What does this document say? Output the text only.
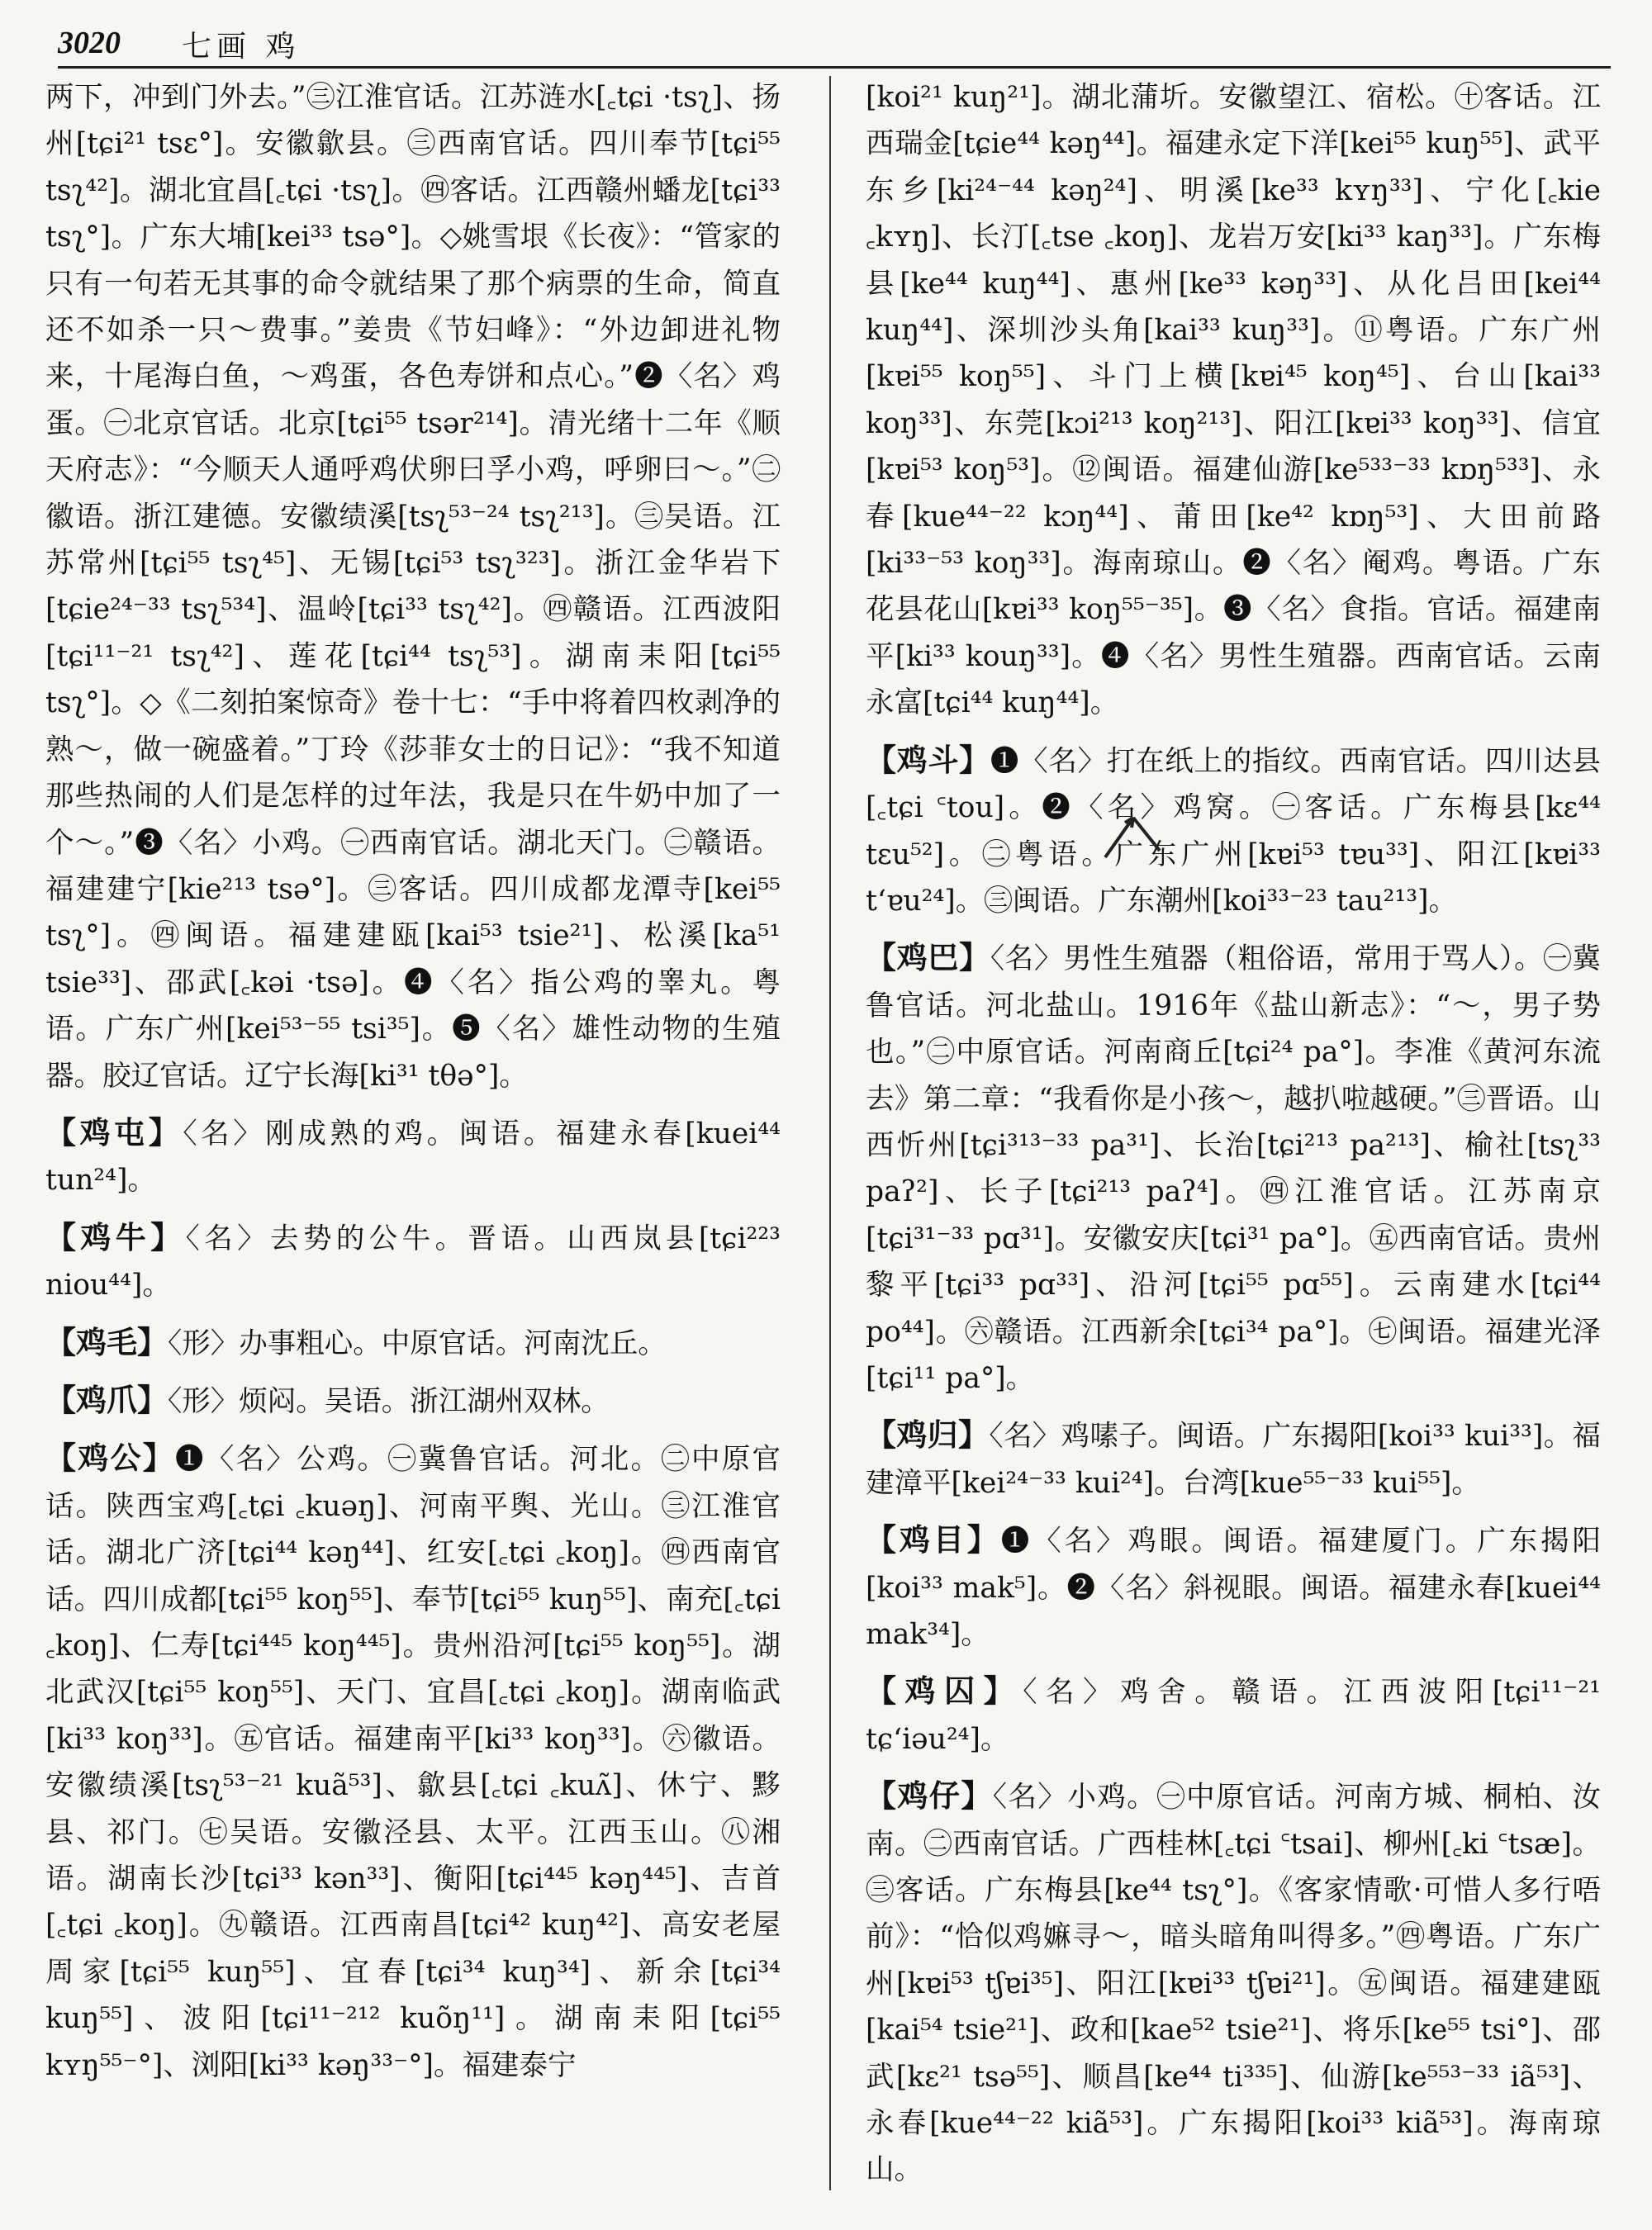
3020 七画 鸡

两下，冲到门外去。”㊂江淮官话。江苏涟水[꜀tɕi ·tsʅ]、扬州[tɕi²¹ tsɛ°]。安徽歙县。㊂西南官话。四川奉节[tɕi⁵⁵ tsʅ⁴²]。湖北宜昌[꜀tɕi ·tsʅ]。㊃客话。江西赣州蟠龙[tɕi³³ tsʅ°]。广东大埔[kei³³ tsə°]。◇姚雪垠《长夜》：“管家的只有一句若无其事的命令就结果了那个病票的生命，简直还不如杀一只～费事。”姜贵《节妇峰》：“外边卸进礼物来，十尾海白鱼，～鸡蛋，各色寿饼和点心。”❷〈名〉鸡蛋。㊀北京官话。北京[tɕi⁵⁵ tsər²¹⁴]。清光绪十二年《顺天府志》：“今顺天人通呼鸡伏卵曰孚小鸡，呼卵曰～。”㊁徽语。浙江建德。安徽绩溪[tsʅ⁵³⁻²⁴ tsʅ²¹³]。㊂吴语。江苏常州[tɕi⁵⁵ tsʅ⁴⁵]、无锡[tɕi⁵³ tsʅ³²³]。浙江金华岩下[tɕie²⁴⁻³³ tsʅ⁵³⁴]、温岭[tɕi³³ tsʅ⁴²]。㊃赣语。江西波阳[tɕi¹¹⁻²¹ tsʅ⁴²]、莲花[tɕi⁴⁴ tsʅ⁵³]。湖南耒阳[tɕi⁵⁵ tsʅ°]。◇《二刻拍案惊奇》卷十七：“手中将着四枚剥净的熟～，做一碗盛着。”丁玲《莎菲女士的日记》：“我不知道那些热闹的人们是怎样的过年法，我是只在牛奶中加了一个～。”❸〈名〉小鸡。㊀西南官话。湖北天门。㊁赣语。福建建宁[kie²¹³ tsə°]。㊂客话。四川成都龙潭寺[kei⁵⁵ tsʅ°]。㊃闽语。福建建瓯[kai⁵³ tsie²¹]、松溪[ka⁵¹ tsie³³]、邵武[꜀kəi ·tsə]。❹〈名〉指公鸡的睾丸。粤语。广东广州[kei⁵³⁻⁵⁵ tsi³⁵]。❺〈名〉雄性动物的生殖器。胶辽官话。辽宁长海[ki³¹ tθə°]。

【鸡屯】〈名〉刚成熟的鸡。闽语。福建永春[kuei⁴⁴ tun²⁴]。

【鸡牛】〈名〉去势的公牛。晋语。山西岚县[tɕi²²³ niou⁴⁴]。

【鸡毛】〈形〉办事粗心。中原官话。河南沈丘。

【鸡爪】〈形〉烦闷。吴语。浙江湖州双林。

【鸡公】❶〈名〉公鸡。㊀冀鲁官话。河北。㊁中原官话。陕西宝鸡[꜀tɕi ꜀kuəŋ]、河南平舆、光山。㊂江淮官话。湖北广济[tɕi⁴⁴ kəŋ⁴⁴]、红安[꜀tɕi ꜀koŋ]。㊃西南官话。四川成都[tɕi⁵⁵ koŋ⁵⁵]、奉节[tɕi⁵⁵ kuŋ⁵⁵]、南充[꜀tɕi ꜀koŋ]、仁寿[tɕi⁴⁴⁵ koŋ⁴⁴⁵]。贵州沿河[tɕi⁵⁵ koŋ⁵⁵]。湖北武汉[tɕi⁵⁵ koŋ⁵⁵]、天门、宜昌[꜀tɕi ꜀koŋ]。湖南临武[ki³³ koŋ³³]。㊄官话。福建南平[ki³³ koŋ³³]。㊅徽语。安徽绩溪[tsʅ⁵³⁻²¹ kuã⁵³]、歙县[꜀tɕi ꜀kuʌ̃]、休宁、黟县、祁门。㊆吴语。安徽泾县、太平。江西玉山。㊇湘语。湖南长沙[tɕi³³ kən³³]、衡阳[tɕi⁴⁴⁵ kəŋ⁴⁴⁵]、吉首[꜀tɕi ꜀koŋ]。㊈赣语。江西南昌[tɕi⁴² kuŋ⁴²]、高安老屋周家[tɕi⁵⁵ kuŋ⁵⁵]、宜春[tɕi³⁴ kuŋ³⁴]、新余[tɕi³⁴ kuŋ⁵⁵]、波阳[tɕi¹¹⁻²¹² kuõŋ¹¹]。湖南耒阳[tɕi⁵⁵ kʏŋ⁵⁵⁻°]、浏阳[ki³³ kəŋ³³⁻°]。福建泰宁

[koi²¹ kuŋ²¹]。湖北蒲圻。安徽望江、宿松。㊉客话。江西瑞金[tɕie⁴⁴ kəŋ⁴⁴]。福建永定下洋[kei⁵⁵ kuŋ⁵⁵]、武平东乡[ki²⁴⁻⁴⁴ kəŋ²⁴]、明溪[ke³³ kʏŋ³³]、宁化[꜀kie ꜀kʏŋ]、长汀[꜀tse ꜀koŋ]、龙岩万安[ki³³ kaŋ³³]。广东梅县[ke⁴⁴ kuŋ⁴⁴]、惠州[ke³³ kəŋ³³]、从化吕田[kei⁴⁴ kuŋ⁴⁴]、深圳沙头角[kai³³ kuŋ³³]。⑪粤语。广东广州[kɐi⁵⁵ koŋ⁵⁵]、斗门上横[kɐi⁴⁵ koŋ⁴⁵]、台山[kai³³ koŋ³³]、东莞[kɔi²¹³ koŋ²¹³]、阳江[kɐi³³ koŋ³³]、信宜[kɐi⁵³ koŋ⁵³]。⑫闽语。福建仙游[ke⁵³³⁻³³ kɒŋ⁵³³]、永春[kue⁴⁴⁻²² kɔŋ⁴⁴]、莆田[ke⁴² kɒŋ⁵³]、大田前路[ki³³⁻⁵³ koŋ³³]。海南琼山。❷〈名〉阉鸡。粤语。广东花县花山[kɐi³³ koŋ⁵⁵⁻³⁵]。❸〈名〉食指。官话。福建南平[ki³³ kouŋ³³]。❹〈名〉男性生殖器。西南官话。云南永富[tɕi⁴⁴ kuŋ⁴⁴]。

【鸡斗】❶〈名〉打在纸上的指纹。西南官话。四川达县[꜀tɕi ꜂tou]。❷〈名〉鸡窝。㊀客话。广东梅县[kɛ⁴⁴ tɛu⁵²]。㊁粤语。广东广州[kɐi⁵³ tɐu³³]、阳江[kɐi³³ tʻɐu²⁴]。㊂闽语。广东潮州[koi³³⁻²³ tau²¹³]。

【鸡巴】〈名〉男性生殖器（粗俗语，常用于骂人）。㊀冀鲁官话。河北盐山。1916年《盐山新志》：“～，男子势也。”㊁中原官话。河南商丘[tɕi²⁴ pa°]。李准《黄河东流去》第二章：“我看你是小孩～，越扒啦越硬。”㊂晋语。山西忻州[tɕi³¹³⁻³³ pa³¹]、长治[tɕi²¹³ pa²¹³]、榆社[tsʅ³³ paʔ²]、长子[tɕi²¹³ paʔ⁴]。㊃江淮官话。江苏南京[tɕi³¹⁻³³ pɑ³¹]。安徽安庆[tɕi³¹ pa°]。㊄西南官话。贵州黎平[tɕi³³ pɑ³³]、沿河[tɕi⁵⁵ pɑ⁵⁵]。云南建水[tɕi⁴⁴ po⁴⁴]。㊅赣语。江西新余[tɕi³⁴ pa°]。㊆闽语。福建光泽[tɕi¹¹ pa°]。

【鸡归】〈名〉鸡嗉子。闽语。广东揭阳[koi³³ kui³³]。福建漳平[kei²⁴⁻³³ kui²⁴]。台湾[kue⁵⁵⁻³³ kui⁵⁵]。

【鸡目】❶〈名〉鸡眼。闽语。福建厦门。广东揭阳[koi³³ mak⁵]。❷〈名〉斜视眼。闽语。福建永春[kuei⁴⁴ mak³⁴]。

【鸡囚】〈名〉鸡舍。赣语。江西波阳[tɕi¹¹⁻²¹ tɕʻiəu²⁴]。

【鸡仔】〈名〉小鸡。㊀中原官话。河南方城、桐柏、汝南。㊁西南官话。广西桂林[꜀tɕi ꜂tsai]、柳州[꜀ki ꜂tsæ]。㊂客话。广东梅县[ke⁴⁴ tsʅ°]。《客家情歌·可惜人多行唔前》：“恰似鸡嫲寻～，暗头暗角叫得多。”㊃粤语。广东广州[kɐi⁵³ tʃɐi³⁵]、阳江[kɐi³³ tʃɐi²¹]。㊄闽语。福建建瓯[kai⁵⁴ tsie²¹]、政和[kae⁵² tsie²¹]、将乐[ke⁵⁵ tsi°]、邵武[kɛ²¹ tsə⁵⁵]、顺昌[ke⁴⁴ ti³³⁵]、仙游[ke⁵⁵³⁻³³ iã⁵³]、永春[kue⁴⁴⁻²² kiã⁵³]。广东揭阳[koi³³ kiã⁵³]。海南琼山。
